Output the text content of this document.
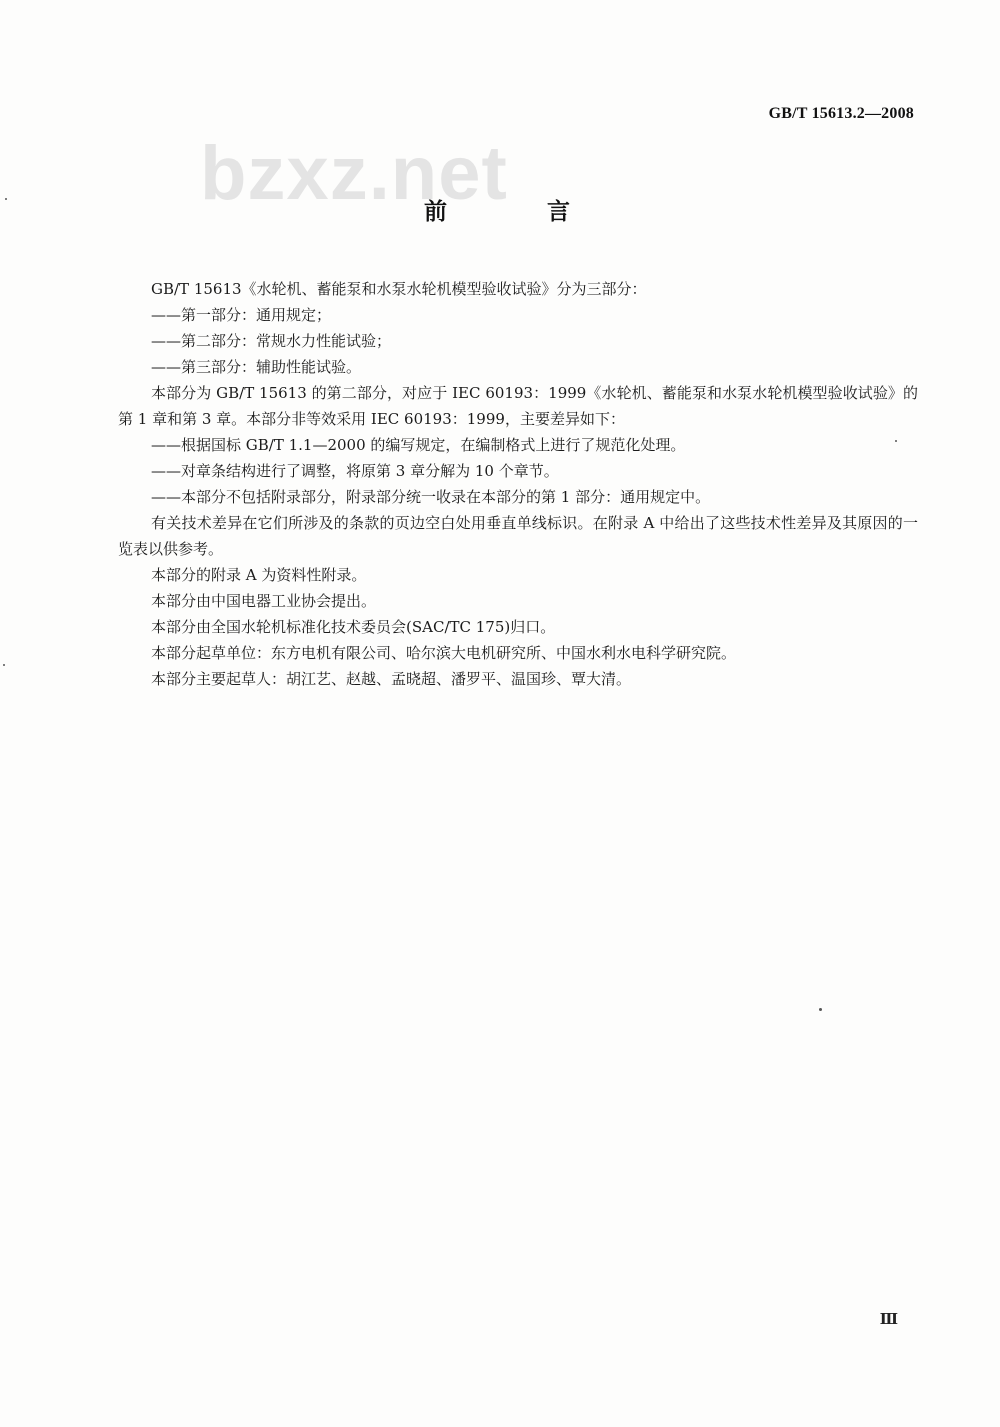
GB/T 15613.2—2008
bzxz.net
前 言

GB/T 15613《水轮机、蓄能泵和水泵水轮机模型验收试验》分为三部分：

——第一部分：通用规定；

——第二部分：常规水力性能试验；

——第三部分：辅助性能试验。

本部分为 GB/T 15613 的第二部分，对应于 IEC 60193：1999《水轮机、蓄能泵和水泵水轮机模型验收试验》的第 1 章和第 3 章。本部分非等效采用 IEC 60193：1999，主要差异如下：

——根据国标 GB/T 1.1—2000 的编写规定，在编制格式上进行了规范化处理。

——对章条结构进行了调整，将原第 3 章分解为 10 个章节。

——本部分不包括附录部分，附录部分统一收录在本部分的第 1 部分：通用规定中。

有关技术差异在它们所涉及的条款的页边空白处用垂直单线标识。在附录 A 中给出了这些技术性差异及其原因的一览表以供参考。

本部分的附录 A 为资料性附录。

本部分由中国电器工业协会提出。

本部分由全国水轮机标准化技术委员会(SAC/TC 175)归口。

本部分起草单位：东方电机有限公司、哈尔滨大电机研究所、中国水利水电科学研究院。

本部分主要起草人：胡江艺、赵越、孟晓超、潘罗平、温国珍、覃大清。

Ⅲ
